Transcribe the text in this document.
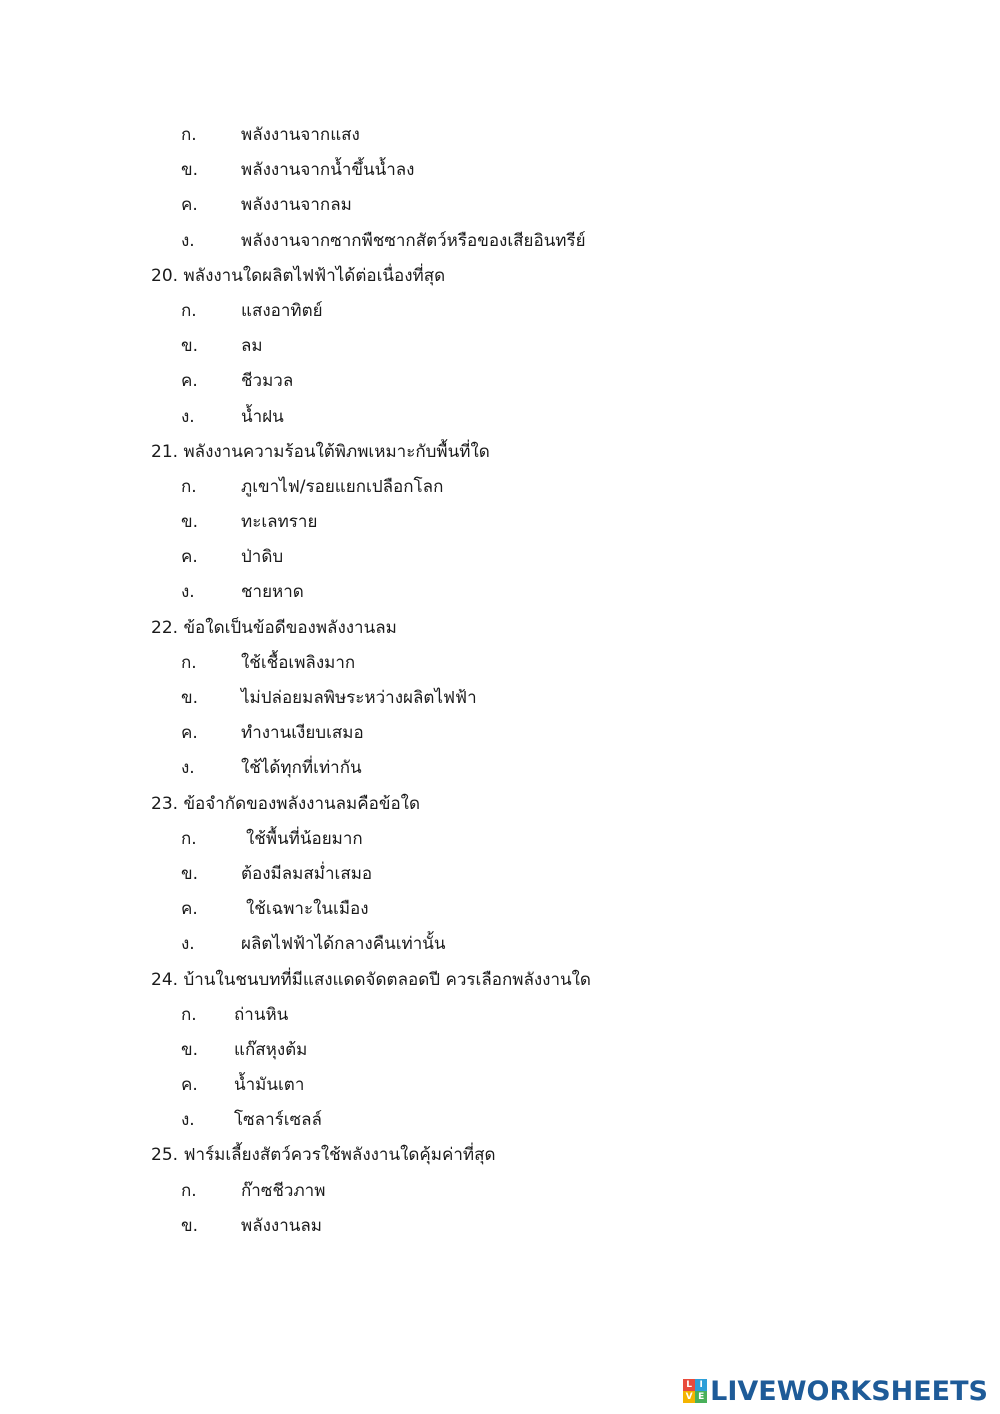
ก.	พลังงานจากแสง
ข.	พลังงานจากน้ำขึ้นน้ำลง
ค.	พลังงานจากลม
ง.	พลังงานจากซากพืชซากสัตว์หรือของเสียอินทรีย์
20. พลังงานใดผลิตไฟฟ้าได้ต่อเนื่องที่สุด
ก.	แสงอาทิตย์
ข.	ลม
ค.	ชีวมวล
ง.	น้ำฝน
21. พลังงานความร้อนใต้พิภพเหมาะกับพื้นที่ใด
ก.	ภูเขาไฟ/รอยแยกเปลือกโลก
ข.	ทะเลทราย
ค.	ป่าดิบ
ง.	ชายหาด
22. ข้อใดเป็นข้อดีของพลังงานลม
ก.	ใช้เชื้อเพลิงมาก
ข.	ไม่ปล่อยมลพิษระหว่างผลิตไฟฟ้า
ค.	ทำงานเงียบเสมอ
ง.	ใช้ได้ทุกที่เท่ากัน
23. ข้อจำกัดของพลังงานลมคือข้อใด
ก.	ใช้พื้นที่น้อยมาก
ข.	ต้องมีลมสม่ำเสมอ
ค.	ใช้เฉพาะในเมือง
ง.	ผลิตไฟฟ้าได้กลางคืนเท่านั้น
24. บ้านในชนบทที่มีแสงแดดจัดตลอดปี ควรเลือกพลังงานใด
ก. ถ่านหิน
ข. แก๊สหุงต้ม
ค. น้ำมันเตา
ง. โซลาร์เซลล์
25. ฟาร์มเลี้ยงสัตว์ควรใช้พลังงานใดคุ้มค่าที่สุด
ก.	ก๊าซชีวภาพ
ข.	พลังงานลม
L I
V E LIVEWORKSHEETS
